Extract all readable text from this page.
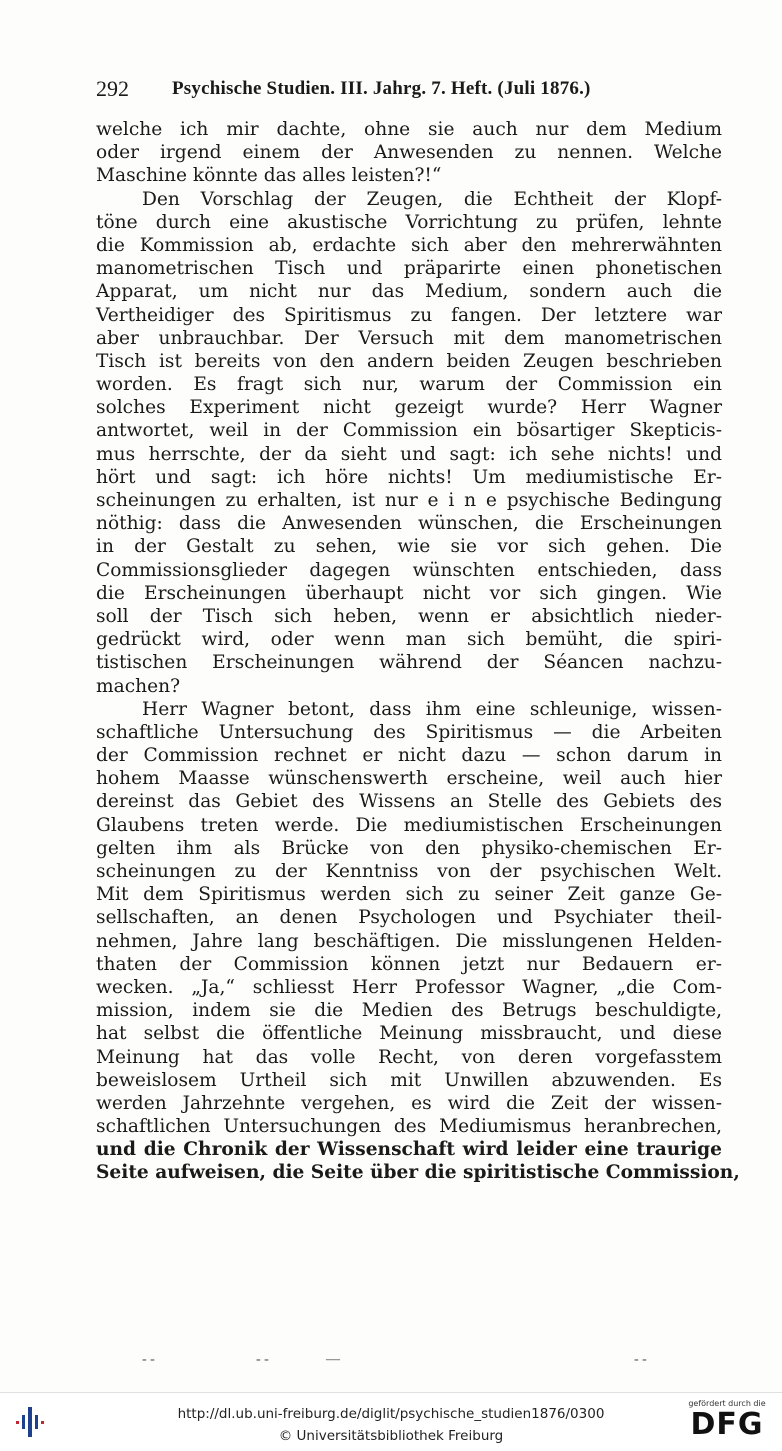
292 Psychische Studien. III. Jahrg. 7. Heft. (Juli 1876.)
welche ich mir dachte, ohne sie auch nur dem Medium
oder irgend einem der Anwesenden zu nennen. Welche
Maschine könnte das alles leisten?!“
Den Vorschlag der Zeugen, die Echtheit der Klopf-
töne durch eine akustische Vorrichtung zu prüfen, lehnte
die Kommission ab, erdachte sich aber den mehrerwähnten
manometrischen Tisch und präparirte einen phonetischen
Apparat, um nicht nur das Medium, sondern auch die
Vertheidiger des Spiritismus zu fangen. Der letztere war
aber unbrauchbar. Der Versuch mit dem manometrischen
Tisch ist bereits von den andern beiden Zeugen beschrieben
worden. Es fragt sich nur, warum der Commission ein
solches Experiment nicht gezeigt wurde? Herr Wagner
antwortet, weil in der Commission ein bösartiger Skepticis-
mus herrschte, der da sieht und sagt: ich sehe nichts! und
hört und sagt: ich höre nichts! Um mediumistische Er-
scheinungen zu erhalten, ist nur e i n e psychische Bedingung
nöthig: dass die Anwesenden wünschen, die Erscheinungen
in der Gestalt zu sehen, wie sie vor sich gehen. Die
Commissionsglieder dagegen wünschten entschieden, dass
die Erscheinungen überhaupt nicht vor sich gingen. Wie
soll der Tisch sich heben, wenn er absichtlich nieder-
gedrückt wird, oder wenn man sich bemüht, die spiri-
tistischen Erscheinungen während der Séancen nachzu-
machen?
Herr Wagner betont, dass ihm eine schleunige, wissen-
schaftliche Untersuchung des Spiritismus — die Arbeiten
der Commission rechnet er nicht dazu — schon darum in
hohem Maasse wünschenswerth erscheine, weil auch hier
dereinst das Gebiet des Wissens an Stelle des Gebiets des
Glaubens treten werde. Die mediumistischen Erscheinungen
gelten ihm als Brücke von den physiko-chemischen Er-
scheinungen zu der Kenntniss von der psychischen Welt.
Mit dem Spiritismus werden sich zu seiner Zeit ganze Ge-
sellschaften, an denen Psychologen und Psychiater theil-
nehmen, Jahre lang beschäftigen. Die misslungenen Helden-
thaten der Commission können jetzt nur Bedauern er-
wecken. „Ja,“ schliesst Herr Professor Wagner, „die Com-
mission, indem sie die Medien des Betrugs beschuldigte,
hat selbst die öffentliche Meinung missbraucht, und diese
Meinung hat das volle Recht, von deren vorgefasstem
beweislosem Urtheil sich mit Unwillen abzuwenden. Es
werden Jahrzehnte vergehen, es wird die Zeit der wissen-
schaftlichen Untersuchungen des Mediumismus heranbrechen,
und die Chronik der Wissenschaft wird leider eine traurige
Seite aufweisen, die Seite über die spiritistische Commission,
- -	- -	—	- -
http://dl.ub.uni-freiburg.de/diglit/psychische_studien1876/0300
© Universitätsbibliothek Freiburg
gefördert durch die
DFG
